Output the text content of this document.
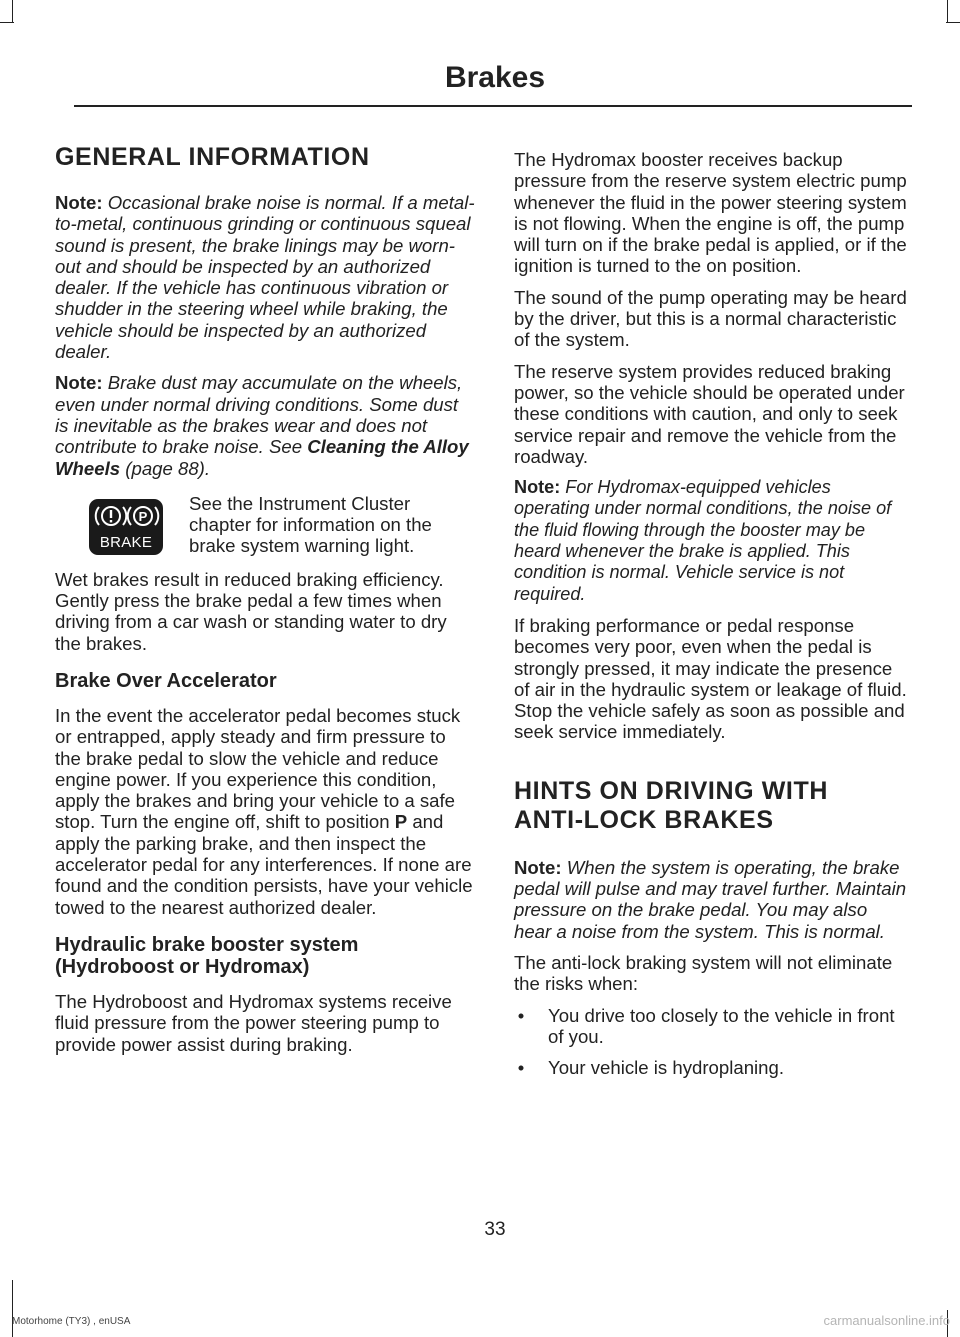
Brakes
GENERAL INFORMATION

Note: Occasional brake noise is normal. If a metal-to-metal, continuous grinding or continuous squeal sound is present, the brake linings may be worn-out and should be inspected by an authorized dealer. If the vehicle has continuous vibration or shudder in the steering wheel while braking, the vehicle should be inspected by an authorized dealer.

Note: Brake dust may accumulate on the wheels, even under normal driving conditions. Some dust is inevitable as the brakes wear and does not contribute to brake noise. See Cleaning the Alloy Wheels (page 88).

P
BRAKE
See the Instrument Cluster chapter for information on the brake system warning light.

Wet brakes result in reduced braking efficiency. Gently press the brake pedal a few times when driving from a car wash or standing water to dry the brakes.

Brake Over Accelerator

In the event the accelerator pedal becomes stuck or entrapped, apply steady and firm pressure to the brake pedal to slow the vehicle and reduce engine power. If you experience this condition, apply the brakes and bring your vehicle to a safe stop. Turn the engine off, shift to position P and apply the parking brake, and then inspect the accelerator pedal for any interferences. If none are found and the condition persists, have your vehicle towed to the nearest authorized dealer.

Hydraulic brake booster system (Hydroboost or Hydromax)

The Hydroboost and Hydromax systems receive fluid pressure from the power steering pump to provide power assist during braking.

The Hydromax booster receives backup pressure from the reserve system electric pump whenever the fluid in the power steering system is not flowing. When the engine is off, the pump will turn on if the brake pedal is applied, or if the ignition is turned to the on position.

The sound of the pump operating may be heard by the driver, but this is a normal characteristic of the system.

The reserve system provides reduced braking power, so the vehicle should be operated under these conditions with caution, and only to seek service repair and remove the vehicle from the roadway.

Note: For Hydromax-equipped vehicles operating under normal conditions, the noise of the fluid flowing through the booster may be heard whenever the brake is applied. This condition is normal. Vehicle service is not required.

If braking performance or pedal response becomes very poor, even when the pedal is strongly pressed, it may indicate the presence of air in the hydraulic system or leakage of fluid. Stop the vehicle safely as soon as possible and seek service immediately.

HINTS ON DRIVING WITH
ANTI-LOCK BRAKES

Note: When the system is operating, the brake pedal will pulse and may travel further. Maintain pressure on the brake pedal. You may also hear a noise from the system. This is normal.

The anti-lock braking system will not eliminate the risks when:

• You drive too closely to the vehicle in front of you.
• Your vehicle is hydroplaning.
33
Motorhome (TY3) , enUSA	carmanualsonline.info
